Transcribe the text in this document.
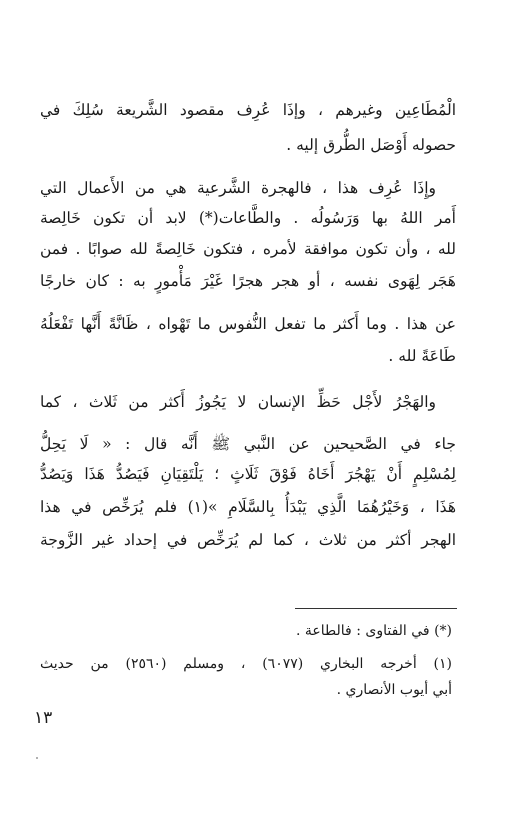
الْمُطَاعِين وغيرهم ، وإذَا عُرِف مقصود الشَّريعة سُلِكَ في
حصوله أَوْصَل الطُّرق إليه .
وإِذَا عُرِف هذا ، فالهجرة الشَّرعية هي من الأَعمال التي
أَمر اللهُ بها وَرَسُولُه . والطَّاعات(*) لابد أن تكون خَالِصة
لله ، وأن تكون موافقة لأمره ، فتكون خَالِصةً لله صوابًا . فمن
هَجَر لِهَوى نفسه ، أو هجر هجرًا غَيْرَ مَأْمورٍ به : كان خارجًا
عن هذا . وما أَكثر ما تفعل النُّفوس ما تَهْواه ، ظَانَّةً أَنَّها تَفْعَلُهُ
طَاعَةً لله .
والهَجْرُ لأَجْل حَظِّ الإنسان لا يَجُوزُ أَكثر من ثَلاث ، كما
جاء في الصَّحيحين عن النَّبي ﷺ أَنَّه قال : « لَا يَحِلُّ
لِمُسْلِمٍ أَنْ يَهْجُرَ أَخَاهُ فَوْقَ ثَلَاثٍ ؛ يَلْتَقِيَانِ فَيَصُدُّ هَذَا وَيَصُدُّ
هَذَا ، وَخَيْرُهُمَا الَّذِي يَبْدَأُ بِالسَّلَامِ »(١) فلم يُرَخِّص في هذا
الهجر أكثر من ثلاث ، كما لم يُرَخِّص في إحداد غير الزَّوجة
(*) في الفتاوى : فالطاعة .
(١) أخرجه البخاري (٦٠٧٧) ، ومسلم (٢٥٦٠) من حديث
أبي أيوب الأنصاري .
١٣
